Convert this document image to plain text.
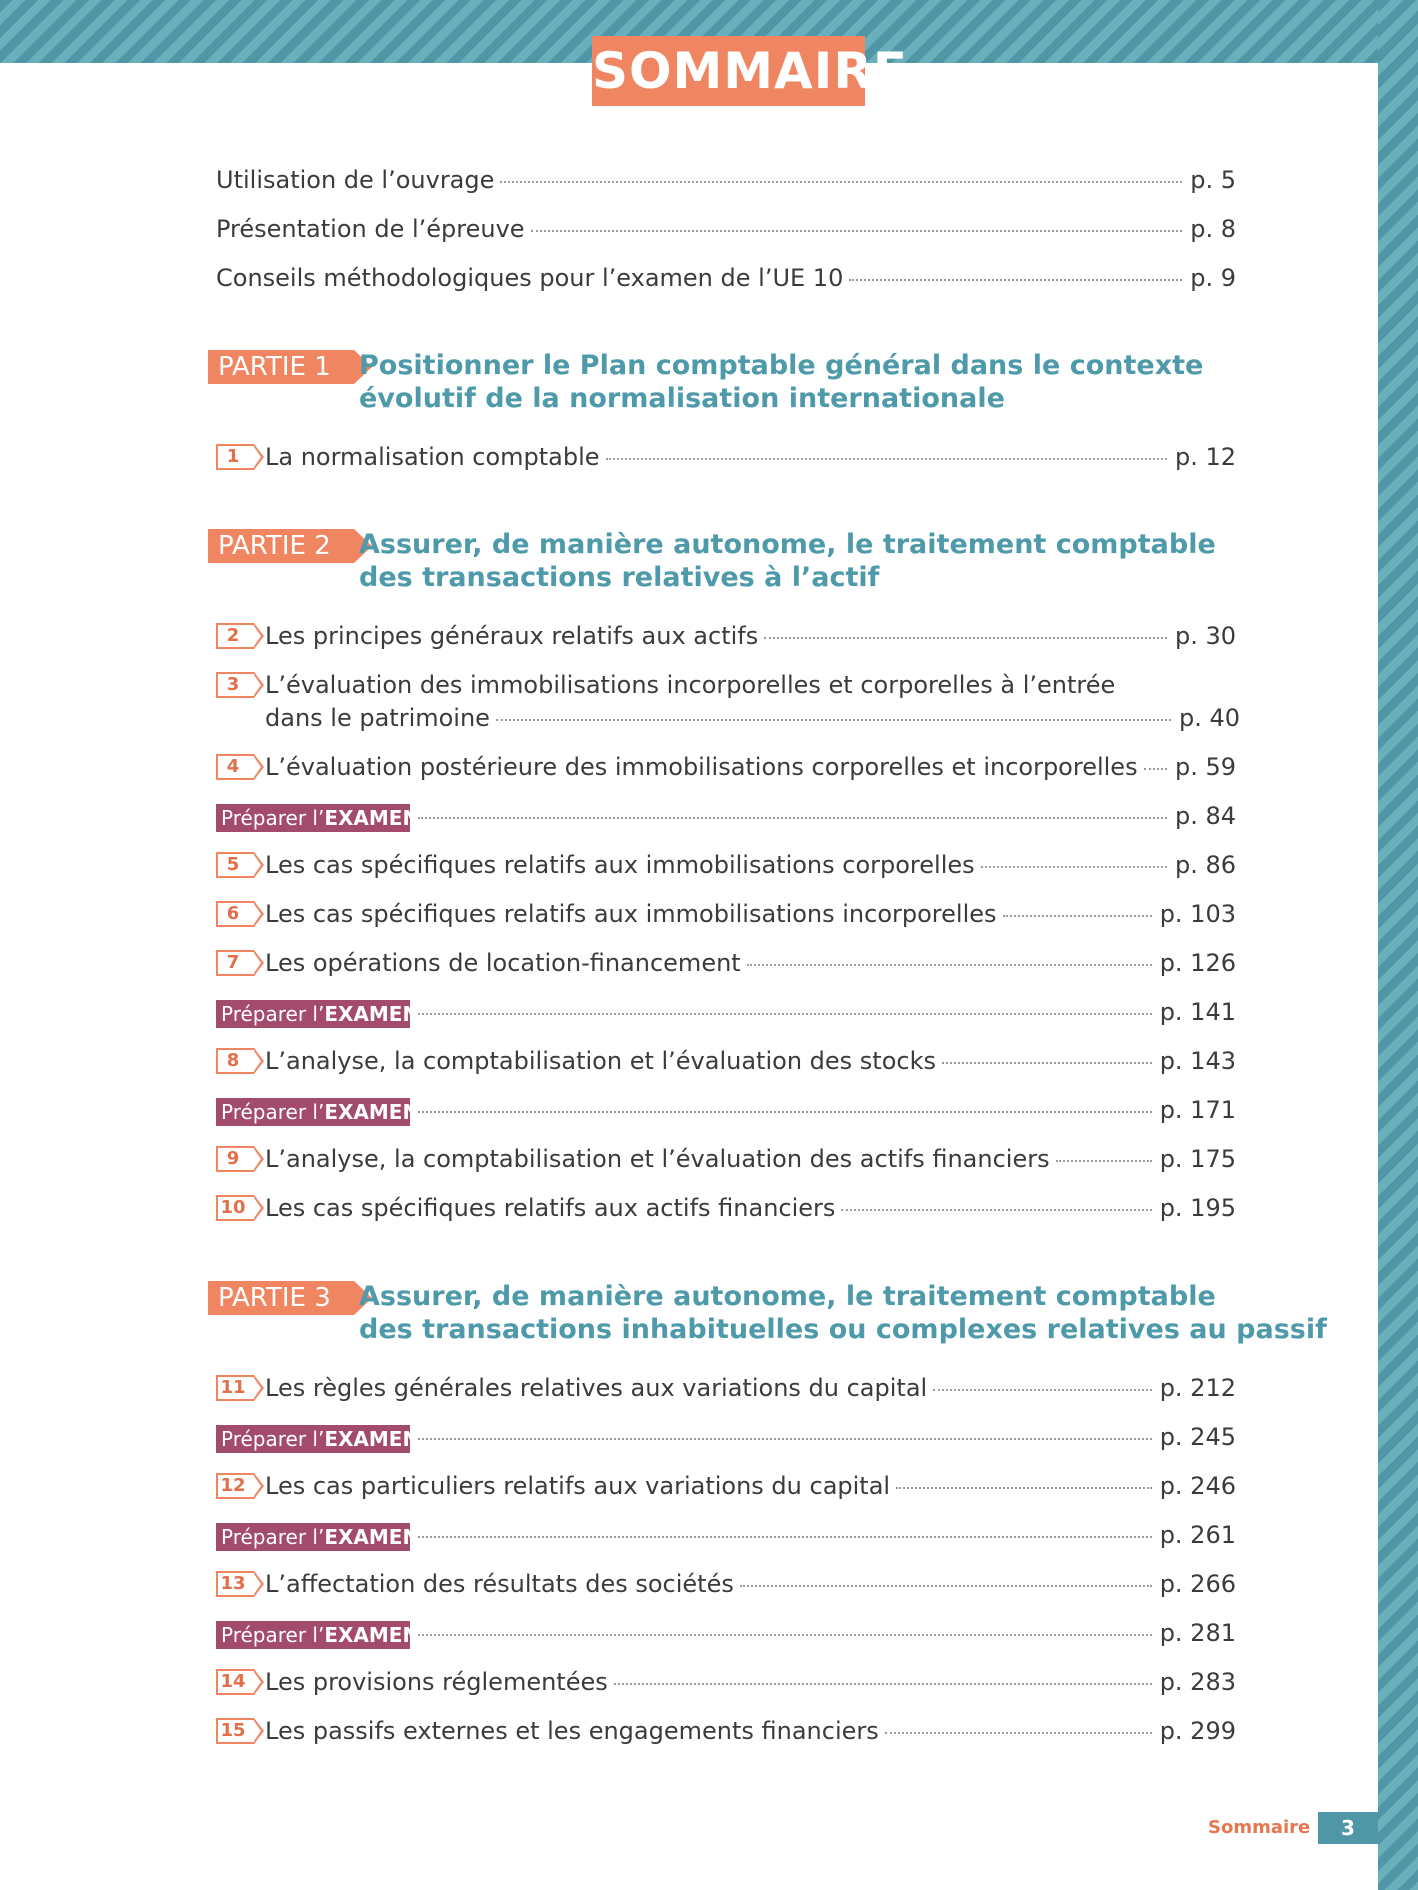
SOMMAIRE
Utilisation de l’ouvrage	p. 5
Présentation de l’épreuve	p. 8
Conseils méthodologiques pour l’examen de l’UE 10	p. 9
PARTIE 1	Positionner le Plan comptable général dans le contexte
évolutif de la normalisation internationale
1	La normalisation comptable	p. 12
PARTIE 2	Assurer, de manière autonome, le traitement comptable
des transactions relatives à l’actif
2	Les principes généraux relatifs aux actifs	p. 30
3	L’évaluation des immobilisations incorporelles et corporelles à l’entrée
dans le patrimoine	p. 40
4	L’évaluation postérieure des immobilisations corporelles et incorporelles p. 59
Préparer l’EXAMEN	p. 84
5	Les cas spécifiques relatifs aux immobilisations corporelles	p. 86
6	Les cas spécifiques relatifs aux immobilisations incorporelles	p. 103
7	Les opérations de location-financement	p. 126
Préparer l’EXAMEN	p. 141
8	L’analyse, la comptabilisation et l’évaluation des stocks	p. 143
Préparer l’EXAMEN	p. 171
9	L’analyse, la comptabilisation et l’évaluation des actifs financiers	p. 175
10 Les cas spécifiques relatifs aux actifs financiers	p. 195
PARTIE 3	Assurer, de manière autonome, le traitement comptable
des transactions inhabituelles ou complexes relatives au passif
11 Les règles générales relatives aux variations du capital	p. 212
Préparer l’EXAMEN	p. 245
12 Les cas particuliers relatifs aux variations du capital	p. 246
Préparer l’EXAMEN	p. 261
13 L’affectation des résultats des sociétés	p. 266
Préparer l’EXAMEN	p. 281
14 Les provisions réglementées	p. 283
15 Les passifs externes et les engagements financiers	p. 299
Sommaire	3
